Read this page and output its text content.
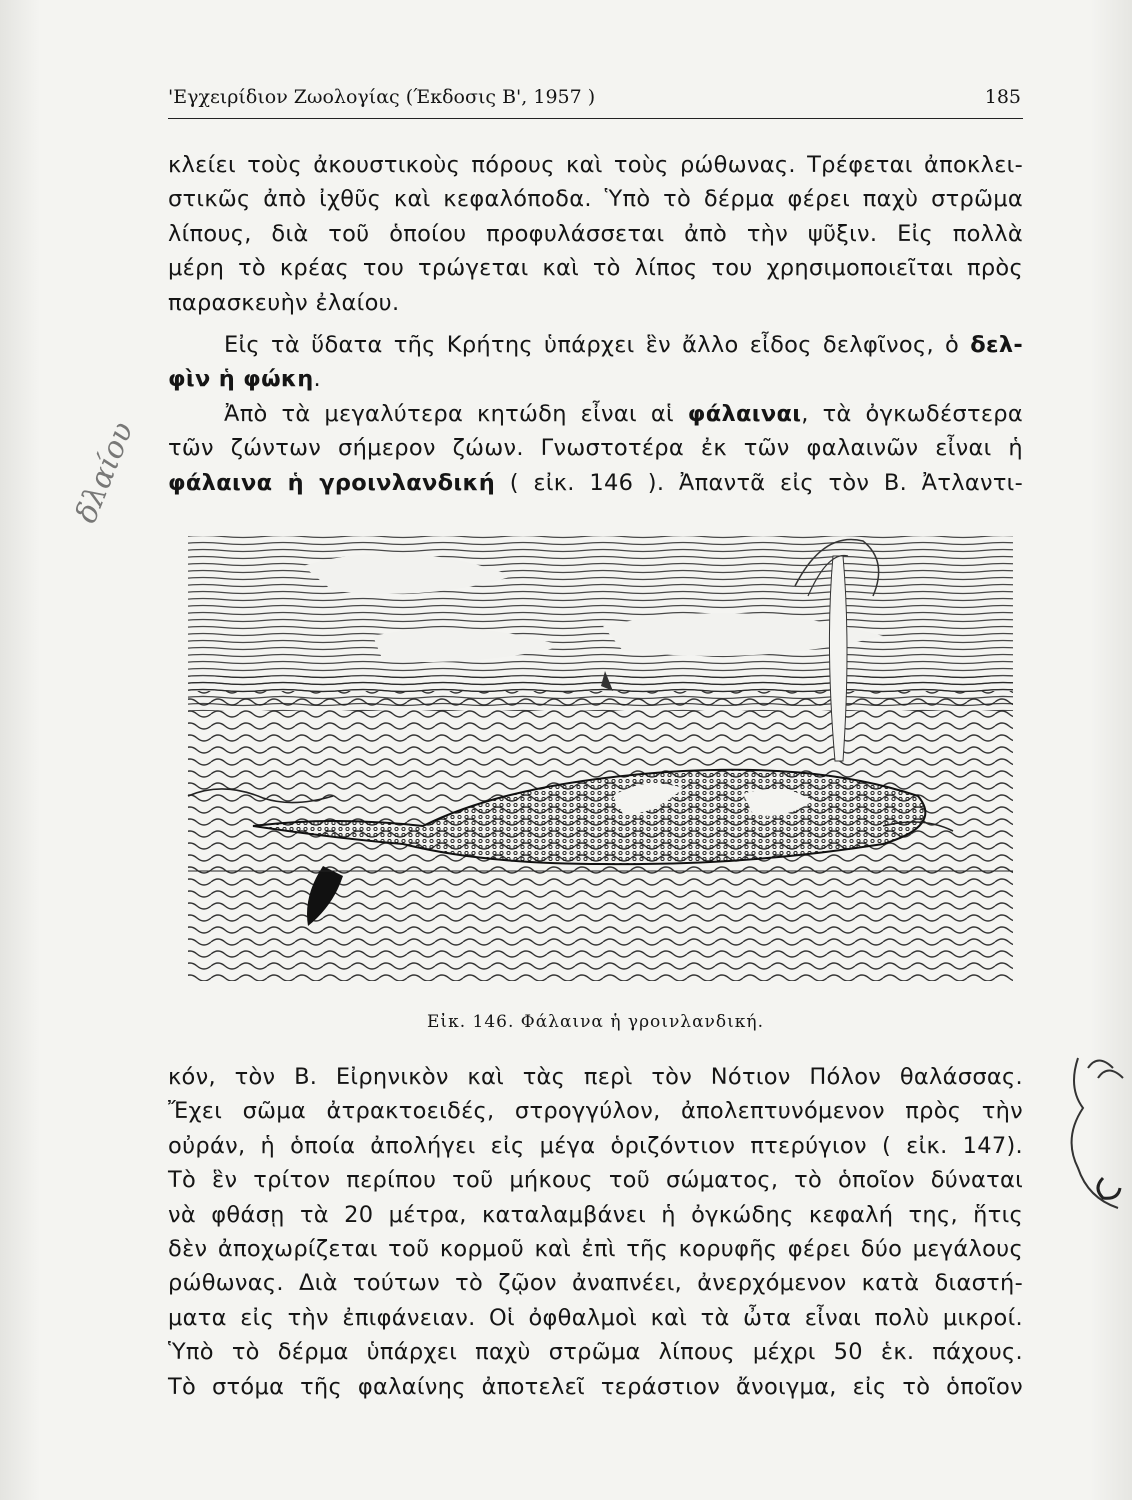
'Εγχειρίδιον Ζωολογίας (Έκδοσις Β', 1957 )	185
κλείει τοὺς ἀκουστικοὺς πόρους καὶ τοὺς ρώθωνας. Τρέφεται ἀποκλει-
στικῶς ἀπὸ ἰχθῦς καὶ κεφαλόποδα. Ὑπὸ τὸ δέρμα φέρει παχὺ στρῶμα
λίπους, διὰ τοῦ ὁποίου προφυλάσσεται ἀπὸ τὴν ψῦξιν. Εἰς πολλὰ
μέρη τὸ κρέας του τρώγεται καὶ τὸ λίπος του χρησιμοποιεῖται πρὸς
παρασκευὴν ἐλαίου.
Εἰς τὰ ὕδατα τῆς Κρήτης ὑπάρχει ἓν ἄλλο εἶδος δελφῖνος, ὁ δελ-
φὶν ἡ φώκη.
Ἀπὸ τὰ μεγαλύτερα κητώδη εἶναι αἱ φάλαιναι, τὰ ὀγκωδέστερα
τῶν ζώντων σήμερον ζώων. Γνωστοτέρα ἐκ τῶν φαλαινῶν εἶναι ἡ
φάλαινα ἡ γροινλανδική ( εἰκ. 146 ). Ἀπαντᾶ εἰς τὸν Β. Ἀτλαντι-
Εἰκ. 146. Φάλαινα ἡ γροινλανδική.
κόν, τὸν Β. Εἰρηνικὸν καὶ τὰς περὶ τὸν Νότιον Πόλον θαλάσσας.
Ἔχει σῶμα ἀτρακτοειδές, στρογγύλον, ἀπολεπτυνόμενον πρὸς τὴν
οὐράν, ἡ ὁποία ἀπολήγει εἰς μέγα ὁριζόντιον πτερύγιον ( εἰκ. 147).
Τὸ ἓν τρίτον περίπου τοῦ μήκους τοῦ σώματος, τὸ ὁποῖον δύναται
νὰ φθάσῃ τὰ 20 μέτρα, καταλαμβάνει ἡ ὀγκώδης κεφαλή της, ἥτις
δὲν ἀποχωρίζεται τοῦ κορμοῦ καὶ ἐπὶ τῆς κορυφῆς φέρει δύο μεγάλους
ρώθωνας. Διὰ τούτων τὸ ζῷον ἀναπνέει, ἀνερχόμενον κατὰ διαστή-
ματα εἰς τὴν ἐπιφάνειαν. Οἱ ὀφθαλμοὶ καὶ τὰ ὦτα εἶναι πολὺ μικροί.
Ὑπὸ τὸ δέρμα ὑπάρχει παχὺ στρῶμα λίπους μέχρι 50 ἑκ. πάχους.
Τὸ στόμα τῆς φαλαίνης ἀποτελεῖ τεράστιον ἄνοιγμα, εἰς τὸ ὁποῖον
δλαίου
